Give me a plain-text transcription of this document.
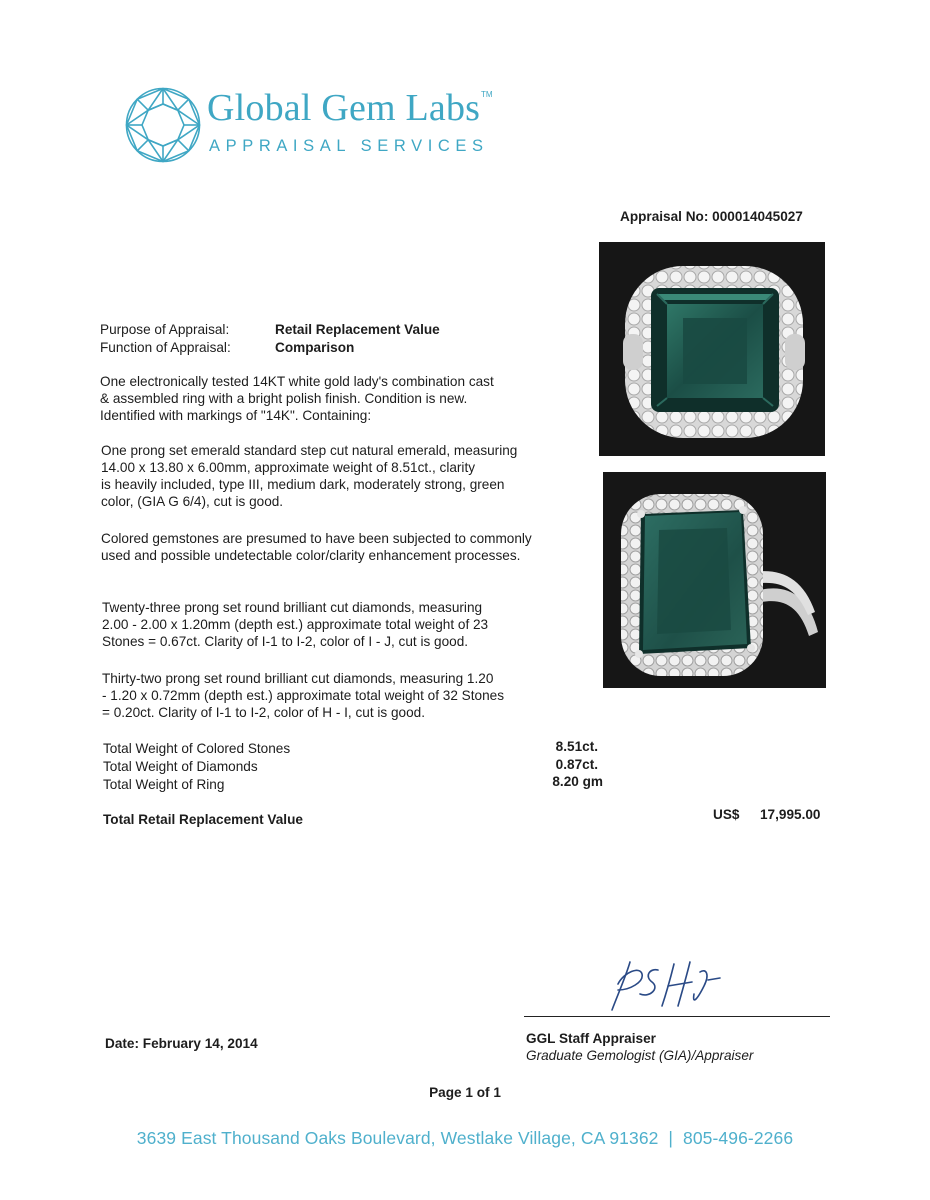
Global Gem Labs TM
APPRAISAL SERVICES
Appraisal No: 000014045027
Purpose of Appraisal:	Retail Replacement Value
Function of Appraisal:	Comparison
One electronically tested 14KT white gold lady's combination cast
& assembled ring with a bright polish finish. Condition is new.
Identified with markings of "14K". Containing:
One prong set emerald standard step cut natural emerald, measuring
14.00 x 13.80 x 6.00mm, approximate weight of 8.51ct., clarity
is heavily included, type III, medium dark, moderately strong, green
color, (GIA G 6/4), cut is good.
Colored gemstones are presumed to have been subjected to commonly
used and possible undetectable color/clarity enhancement processes.
Twenty-three prong set round brilliant cut diamonds, measuring
2.00 - 2.00 x 1.20mm (depth est.) approximate total weight of 23
Stones = 0.67ct. Clarity of I-1 to I-2, color of I - J, cut is good.
Thirty-two prong set round brilliant cut diamonds, measuring 1.20
- 1.20 x 0.72mm (depth est.) approximate total weight of 32 Stones
= 0.20ct. Clarity of I-1 to I-2, color of H - I, cut is good.
Total Weight of Colored Stones	8.51ct.
Total Weight of Diamonds	0.87ct.
Total Weight of Ring	8.20 gm
Total Retail Replacement Value	US$ 17,995.00
Date: February 14, 2014	GGL Staff Appraiser
Graduate Gemologist (GIA)/Appraiser
Page 1 of 1
3639 East Thousand Oaks Boulevard, Westlake Village, CA 91362  |  805-496-2266
